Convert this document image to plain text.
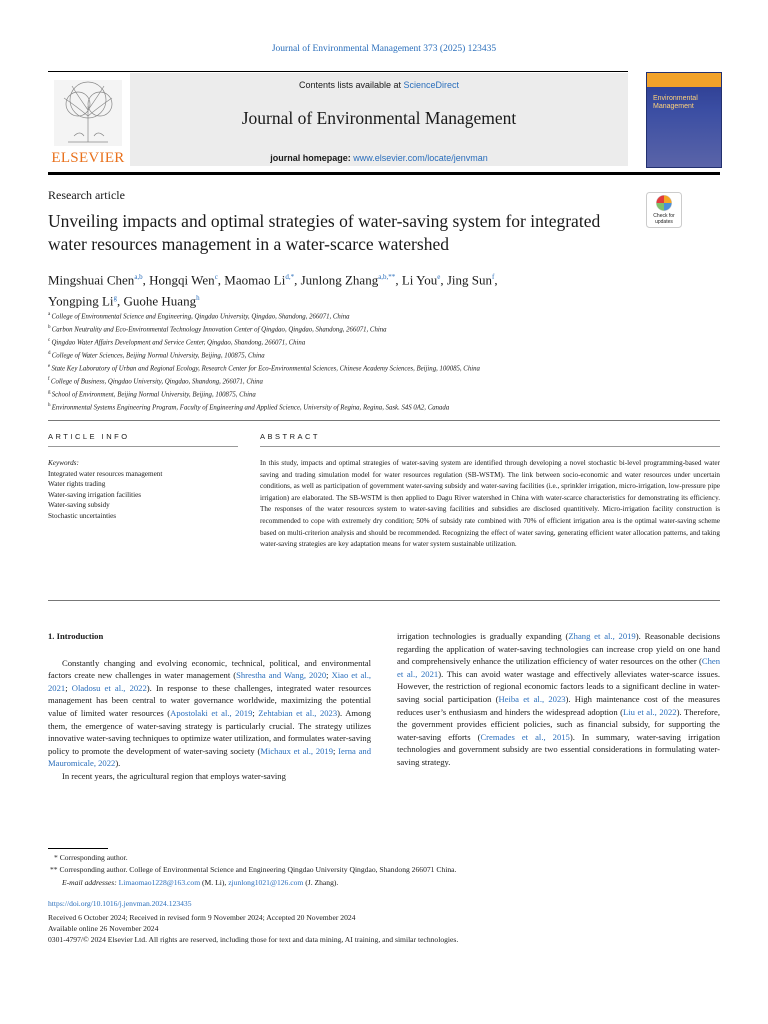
Journal of Environmental Management 373 (2025) 123435
ELSEVIER
Contents lists available at ScienceDirect
Journal of Environmental Management
journal homepage: www.elsevier.com/locate/jenvman
Environmental Management
Research article
Unveiling impacts and optimal strategies of water-saving system for integrated water resources management in a water-scarce watershed
Check for updates
Mingshuai Chen$^{a,b}$, Hongqi Wen$^c$, Maomao $Li^{d,*}$, Junlong Zhang$^{a,b,**}$, Li You$^e$, Jing Sun$^f$,
Yongping Li$^g$, Guohe Huang$^h$
$^a$ College of Environmental Science and Engineering, Qingdao University, Qingdao, Shandong, 266071, China
$^b$ Carbon Neutrality and Eco-Environmental Technology Innovation Center of Qingdao, Qingdao, Shandong, 266071, China
$^c$ Qingdao Water Affairs Development and Service Center, Qingdao, Shandong, 266071, China
$^d$ College of Water Sciences, Beijing Normal University, Beijing, 100875, China
$^e$ State Key Laboratory of Urban and Regional Ecology, Research Center for Eco-Environmental Sciences, Chinese Academy Sciences, Beijing, 100085, China
$^f$ College of Business, Qingdao University, Qingdao, Shandong, 266071, China
$^g$ School of Environment, Beijing Normal University, Beijing, 100875, China
$^h$ Environmental Systems Engineering Program, Faculty of Engineering and Applied Science, University of Regina, Regina, Sask. S4S 0A2, Canada
ARTICLE INFO
Keywords:
Integrated water resources management
Water rights trading
Water-saving irrigation facilities
Water-saving subsidy
Stochastic uncertainties
ABSTRACT
In this study, impacts and optimal strategies of water-saving system are identified through developing a novel stochastic bi-level programming-based water saving and trading simulation model for water resources regulation (SB-WSTM). The link between socio-economic and water resources under uncertain conditions, as well as participation of government water-saving subsidy and water-saving facilities (i.e., sprinkler irrigation, micro-irrigation, low-pressure pipe irrigation) are elaborated. The SB-WSTM is then applied to Dagu River watershed in China with water-scarce characteristics for demonstrating its efficiency. The responses of the water resources system to water-saving facilities and subsidies are disclosed quantitively. Micro-irrigation facility construction is recommended to cope with extremely dry condition; 50% of subsidy rate combined with 70% of efficient irrigation area is the optimal water-saving scheme based on multi-criterion analysis and should be recommended. Recognizing the effect of water saving, generating efficient water allocation patterns, and taking water-saving strategies are key adaptation means for water system sustainable utilization.
1. Introduction

Constantly changing and evolving economic, technical, political, and environmental factors create new challenges in water management (Shrestha and Wang, 2020; Xiao et al., 2021; Oladosu et al., 2022). In response to these challenges, integrated water resources management has been central to water governance worldwide, maximizing the potential value of limited water resources (Apostolaki et al., 2019; Zehtabian et al., 2023). Among them, the emergence of water-saving strategy is particularly crucial. The strategy utilizes innovative water-saving techniques to optimize water utilization, and formulates water-saving policy to promote the development of water-saving society (Michaux et al., 2019; Ierna and Mauromicale, 2022).

In recent years, the agricultural region that employs water-saving

irrigation technologies is gradually expanding (Zhang et al., 2019). Reasonable decisions regarding the application of water-saving technologies can increase crop yield on one hand and comprehensively enhance the utilization efficiency of water resources on the other (Chen et al., 2021). This can avoid water wastage and effectively alleviates water-scarce issues. However, the restriction of regional economic factors leads to a significant decline in water-saving social participation (Heiba et al., 2023). High maintenance cost of the measures reduces user’s enthusiasm and hinders the widespread adoption (Liu et al., 2022). Therefore, the government provides efficient policies, such as financial subsidy, for supporting the water-saving efforts (Cremades et al., 2015). In summary, water-saving irrigation technologies and government subsidy are two essential considerations in formulating water-saving strategy.

* Corresponding author.
** Corresponding author. College of Environmental Science and Engineering Qingdao University Qingdao, Shandong 266071 China.
E-mail addresses: Limaomao1228@163.com (M. Li), zjunlong1021@126.com (J. Zhang).
https://doi.org/10.1016/j.jenvman.2024.123435
Received 6 October 2024; Received in revised form 9 November 2024; Accepted 20 November 2024
Available online 26 November 2024
0301-4797/© 2024 Elsevier Ltd. All rights are reserved, including those for text and data mining, AI training, and similar technologies.
